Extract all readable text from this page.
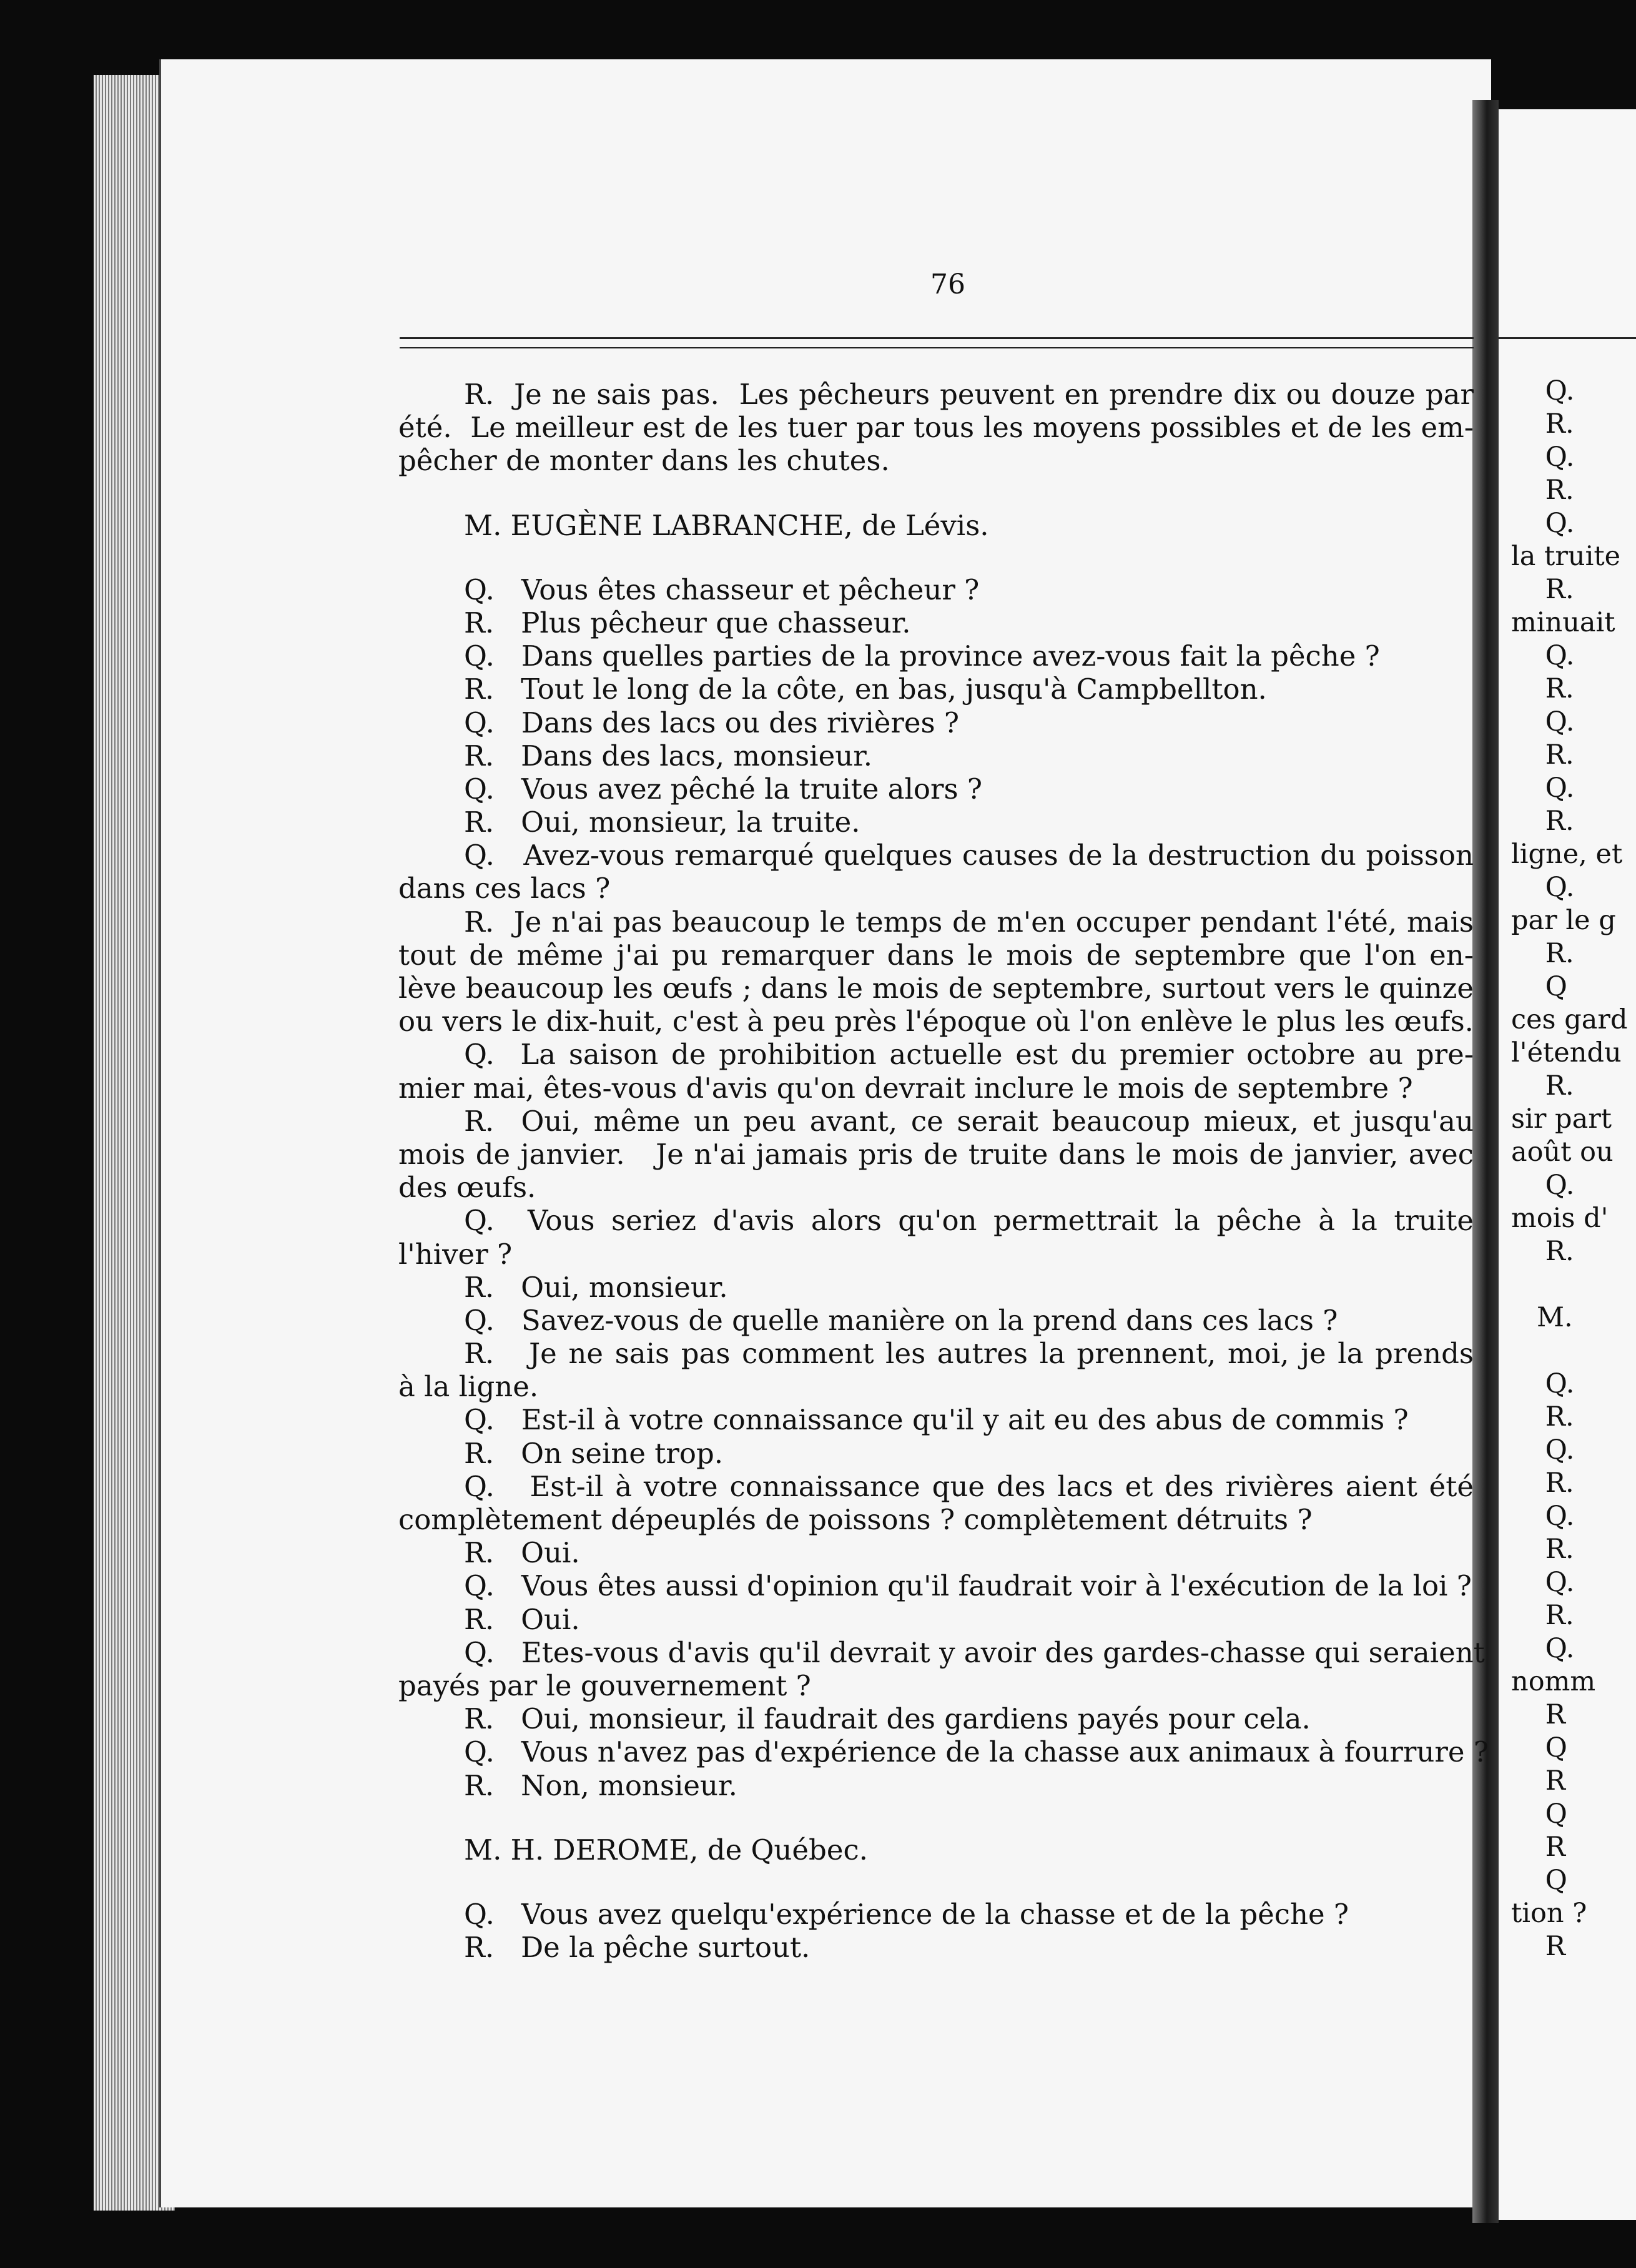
76
R.  Je ne sais pas.  Les pêcheurs peuvent en prendre dix ou douze par
été.  Le meilleur est de les tuer par tous les moyens possibles et de les em-
pêcher de monter dans les chutes.
M. EUGÈNE LABRANCHE, de Lévis.
Q.   Vous êtes chasseur et pêcheur ?
R.   Plus pêcheur que chasseur.
Q.   Dans quelles parties de la province avez-vous fait la pêche ?
R.   Tout le long de la côte, en bas, jusqu'à Campbellton.
Q.   Dans des lacs ou des rivières ?
R.   Dans des lacs, monsieur.
Q.   Vous avez pêché la truite alors ?
R.   Oui, monsieur, la truite.
Q.   Avez-vous remarqué quelques causes de la destruction du poisson
dans ces lacs ?
R.  Je n'ai pas beaucoup le temps de m'en occuper pendant l'été, mais
tout de même j'ai pu remarquer dans le mois de septembre que l'on en-
lève beaucoup les œufs ; dans le mois de septembre, surtout vers le quinze
ou vers le dix-huit, c'est à peu près l'époque où l'on enlève le plus les œufs.
Q.  La saison de prohibition actuelle est du premier octobre au pre-
mier mai, êtes-vous d'avis qu'on devrait inclure le mois de septembre ?
R.  Oui, même un peu avant, ce serait beaucoup mieux, et jusqu'au
mois de janvier.   Je n'ai jamais pris de truite dans le mois de janvier, avec
des œufs.
Q.  Vous seriez d'avis alors qu'on permettrait la pêche à la truite
l'hiver ?
R.   Oui, monsieur.
Q.   Savez-vous de quelle manière on la prend dans ces lacs ?
R.   Je ne sais pas comment les autres la prennent, moi, je la prends
à la ligne.
Q.   Est-il à votre connaissance qu'il y ait eu des abus de commis ?
R.   On seine trop.
Q.   Est-il à votre connaissance que des lacs et des rivières aient été
complètement dépeuplés de poissons ? complètement détruits ?
R.   Oui.
Q.   Vous êtes aussi d'opinion qu'il faudrait voir à l'exécution de la loi ?
R.   Oui.
Q.   Etes-vous d'avis qu'il devrait y avoir des gardes-chasse qui seraient
payés par le gouvernement ?
R.   Oui, monsieur, il faudrait des gardiens payés pour cela.
Q.   Vous n'avez pas d'expérience de la chasse aux animaux à fourrure ?
R.   Non, monsieur.
M. H. DEROME, de Québec.
Q.   Vous avez quelqu'expérience de la chasse et de la pêche ?
R.   De la pêche surtout.
Q.
R.
Q.
R.
Q.
la truite
R.
minuait
Q.
R.
Q.
R.
Q.
R.
ligne, et
Q.
par le g
R.
Q
ces gard
l'étendu
R.
sir part
août ou
Q.
mois d'
R.
M.
Q.
R.
Q.
R.
Q.
R.
Q.
R.
Q.
nomm
R
Q
R
Q
R
Q
tion ?
R
